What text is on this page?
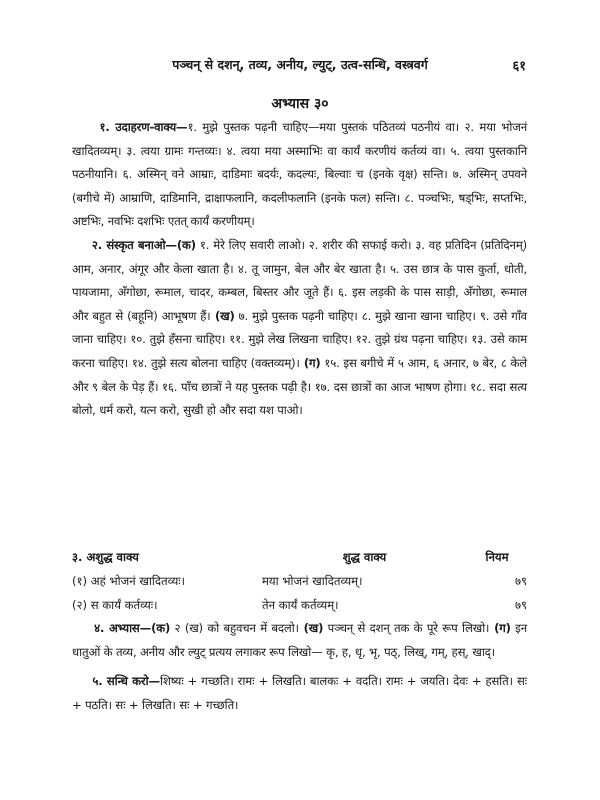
पञ्चन् से दशन्, तव्य, अनीय, ल्युट्, उत्व-सन्धि, वस्त्रवर्ग	६१
अभ्यास ३०

१. उदाहरण-वाक्य—१. मुझे पुस्तक पढ़नी चाहिए—मया पुस्तकं पठितव्यं पठनीयं वा। २. मया भोजनं खादितव्यम्। ३. त्वया ग्रामः गन्तव्यः। ४. त्वया मया अस्माभिः वा कार्यं करणीयं कर्तव्यं वा। ५. त्वया पुस्तकानि पठनीयानि। ६. अस्मिन् वने आम्राः, दाडिमाः बदर्यः, कदल्यः, बिल्वाः च (इनके वृक्ष) सन्ति। ७. अस्मिन् उपवने (बगीचे में) आम्राणि, दाडिमानि, द्राक्षाफलानि, कदलीफलानि (इनके फल) सन्ति। ८. पञ्चभिः, षड्भिः, सप्तभिः, अष्टभिः, नवभिः दशभिः एतत् कार्यं करणीयम्।

२. संस्कृत बनाओ—(क) १. मेरे लिए सवारी लाओ। २. शरीर की सफाई करो। ३. वह प्रतिदिन (प्रतिदिनम्) आम, अनार, अंगूर और केला खाता है। ४. तू जामुन, बेल और बेर खाता है। ५. उस छात्र के पास कुर्ता, धोती, पायजामा, अँगोछा, रूमाल, चादर, कम्बल, बिस्तर और जूते हैं। ६. इस लड़की के पास साड़ी, अँगोछा, रूमाल और बहुत से (बहूनि) आभूषण हैं। (ख) ७. मुझे पुस्तक पढ़नी चाहिए। ८. मुझे खाना खाना चाहिए। ९. उसे गाँव जाना चाहिए। १०. तुझे हँसना चाहिए। ११. मुझे लेख लिखना चाहिए। १२. तुझे ग्रंथ पढ़ना चाहिए। १३. उसे काम करना चाहिए। १४. तुझे सत्य बोलना चाहिए (वक्तव्यम्)। (ग) १५. इस बगीचे में ५ आम, ६ अनार, ७ बेर, ८ केले और ९ बेल के पेड़ हैं। १६. पाँच छात्रों ने यह पुस्तक पढ़ी है। १७. दस छात्रों का आज भाषण होगा। १८. सदा सत्य बोलो, धर्म करो, यत्न करो, सुखी हो और सदा यश पाओ।

३. अशुद्ध वाक्य	शुद्ध वाक्य	नियम
(१) अहं भोजनं खादितव्यः।	मया भोजनं खादितव्यम्।	७९
(२) स कार्यं कर्तव्यः।	तेन कार्यं कर्तव्यम्।	७९

४. अभ्यास—(क) २ (ख) को बहुवचन में बदलो। (ख) पञ्चन् से दशन् तक के पूरे रूप लिखो। (ग) इन धातुओं के तव्य, अनीय और ल्युट् प्रत्यय लगाकर रूप लिखो— कृ, ह, धृ, भृ, पठ्, लिख्, गम्, हस्, खाद्।

५. सन्धि करो—शिष्यः + गच्छति। रामः + लिखति। बालकः + वदति। रामः + जयति। देवः + हसति। सः + पठति। सः + लिखति। सः + गच्छति।
